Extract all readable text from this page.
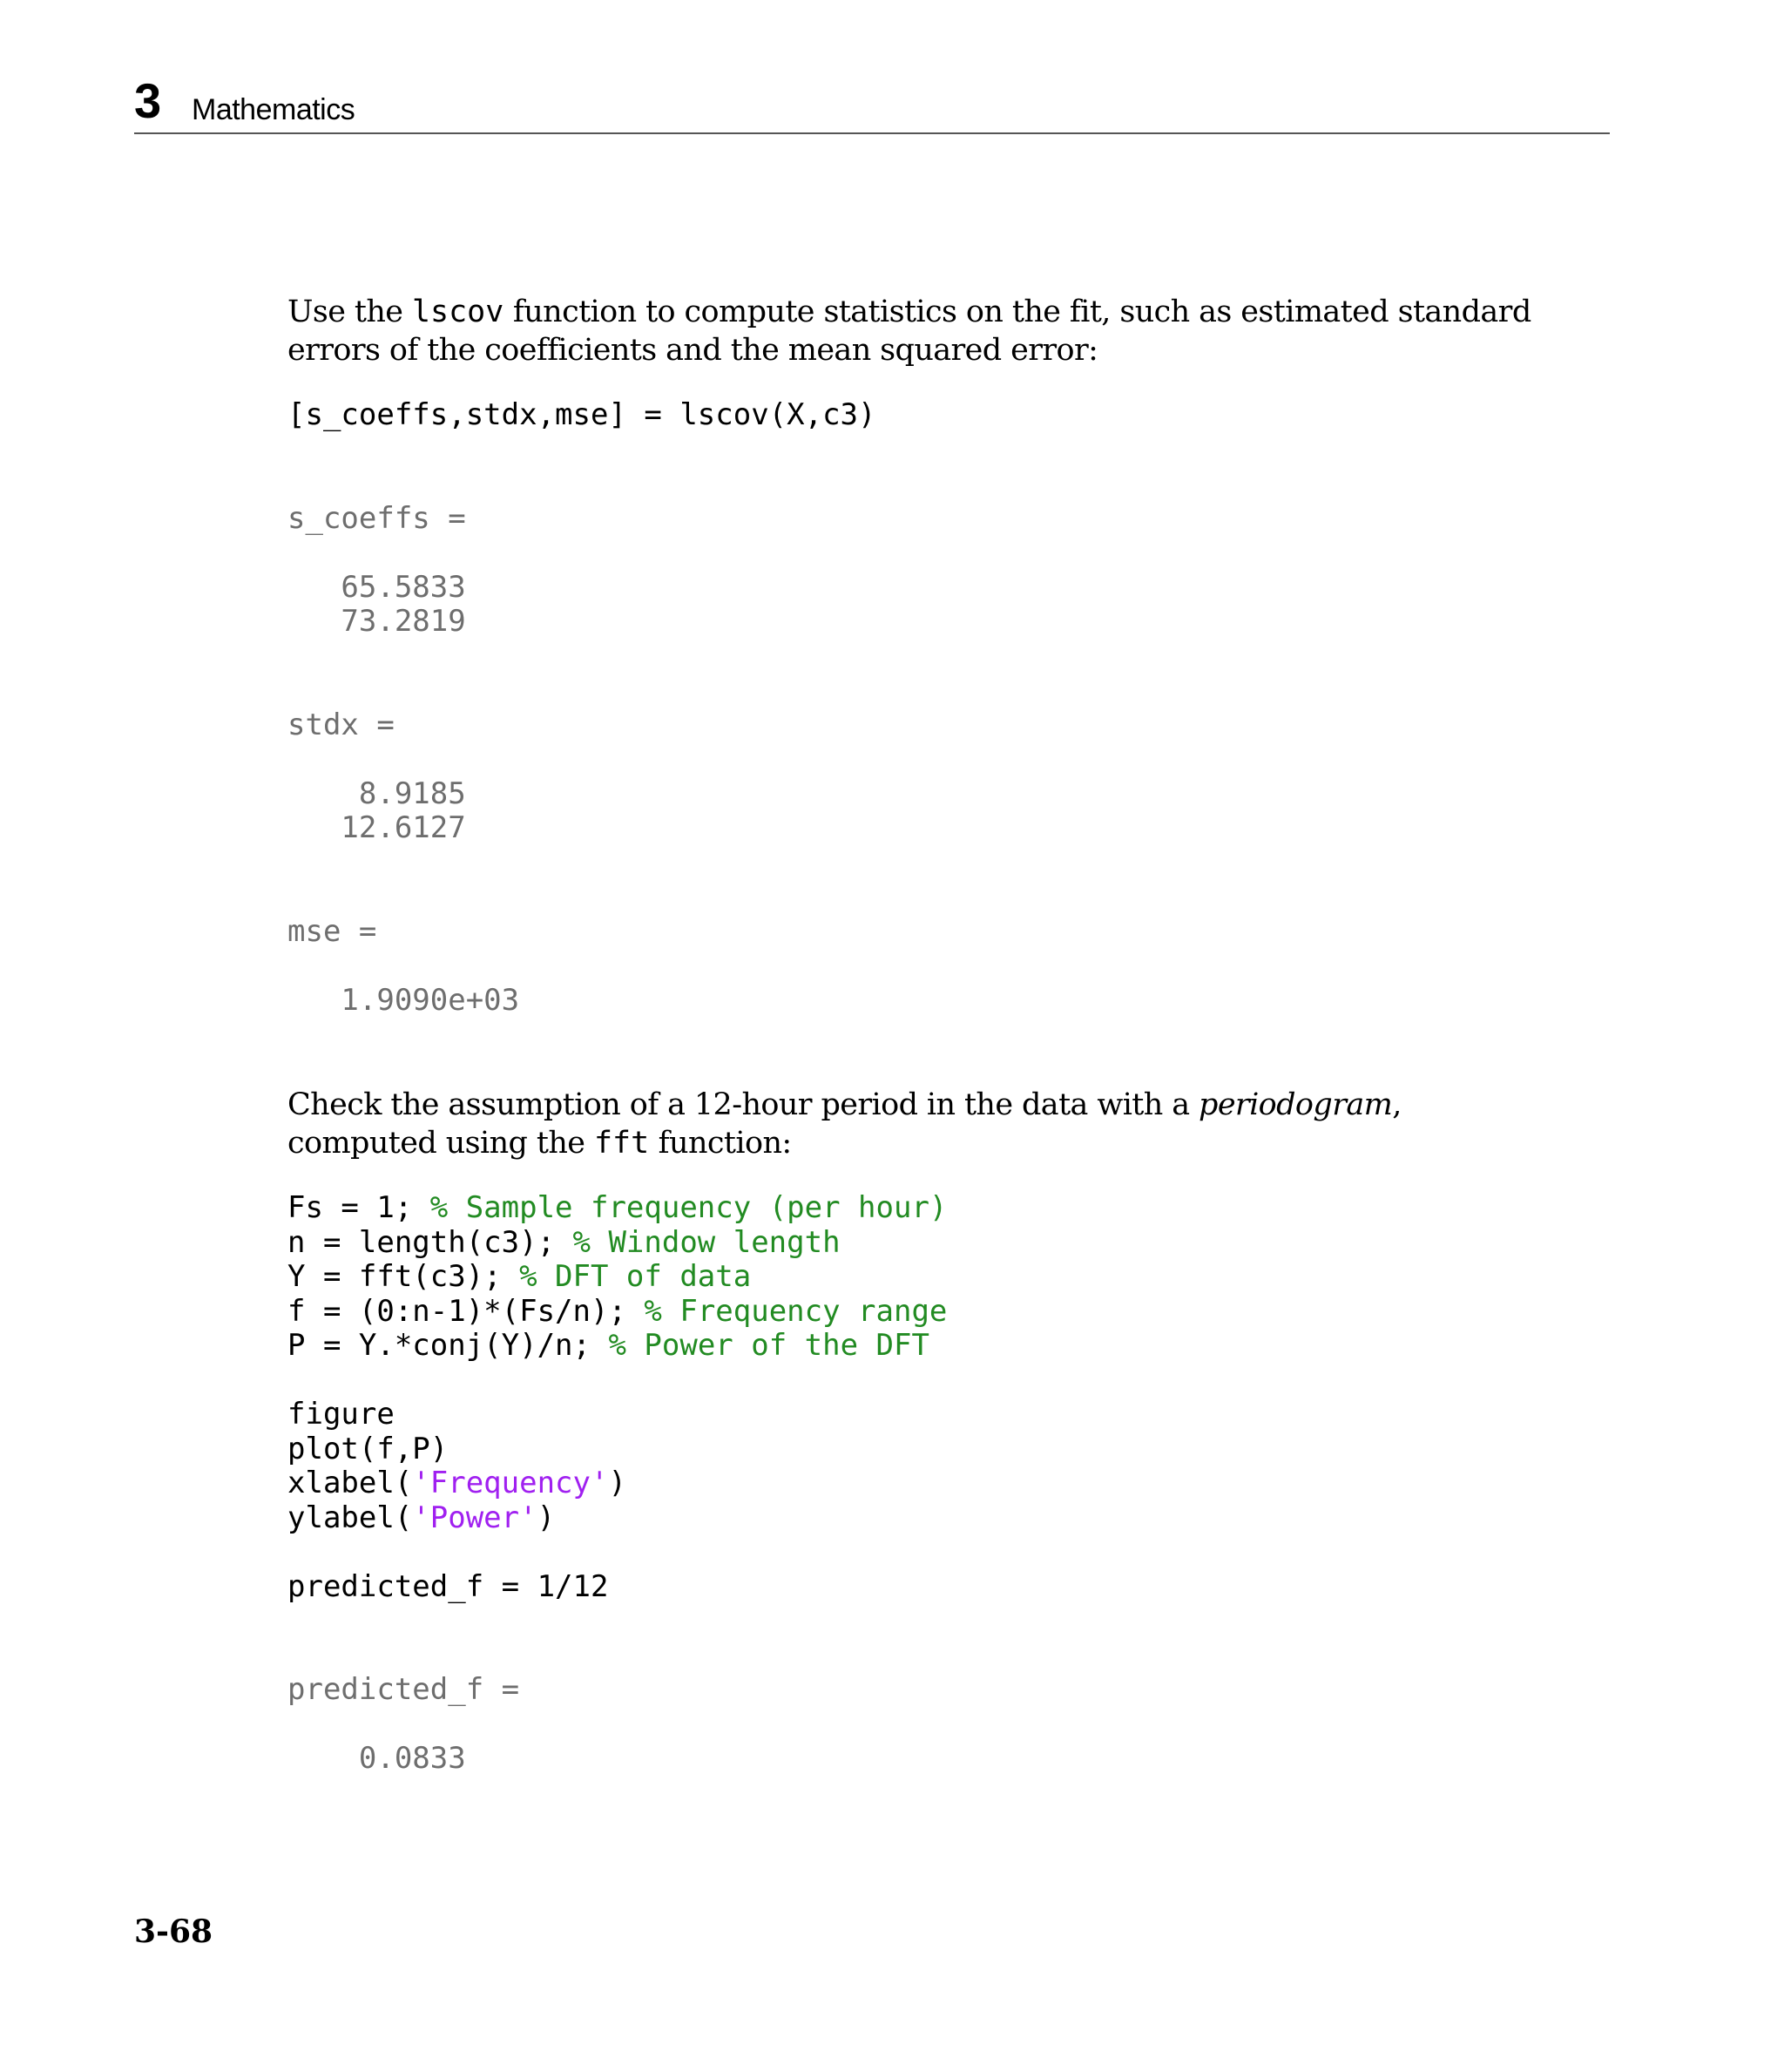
3 Mathematics

Use the lscov function to compute statistics on the fit, such as estimated standard errors of the coefficients and the mean squared error:

[s_coeffs,stdx,mse] = lscov(X,c3)
s_coeffs =

65.5833
73.2819

stdx =

8.9185
12.6127

mse =

1.9090e+03

Check the assumption of a 12-hour period in the data with a periodogram, computed using the fft function:

Fs = 1; % Sample frequency (per hour)
n = length(c3); % Window length
Y = fft(c3); % DFT of data
f = (0:n-1)*(Fs/n); % Frequency range
P = Y.*conj(Y)/n; % Power of the DFT

figure
plot(f,P)
xlabel('Frequency')
ylabel('Power')

predicted_f = 1/12
predicted_f =

0.0833
3-68
